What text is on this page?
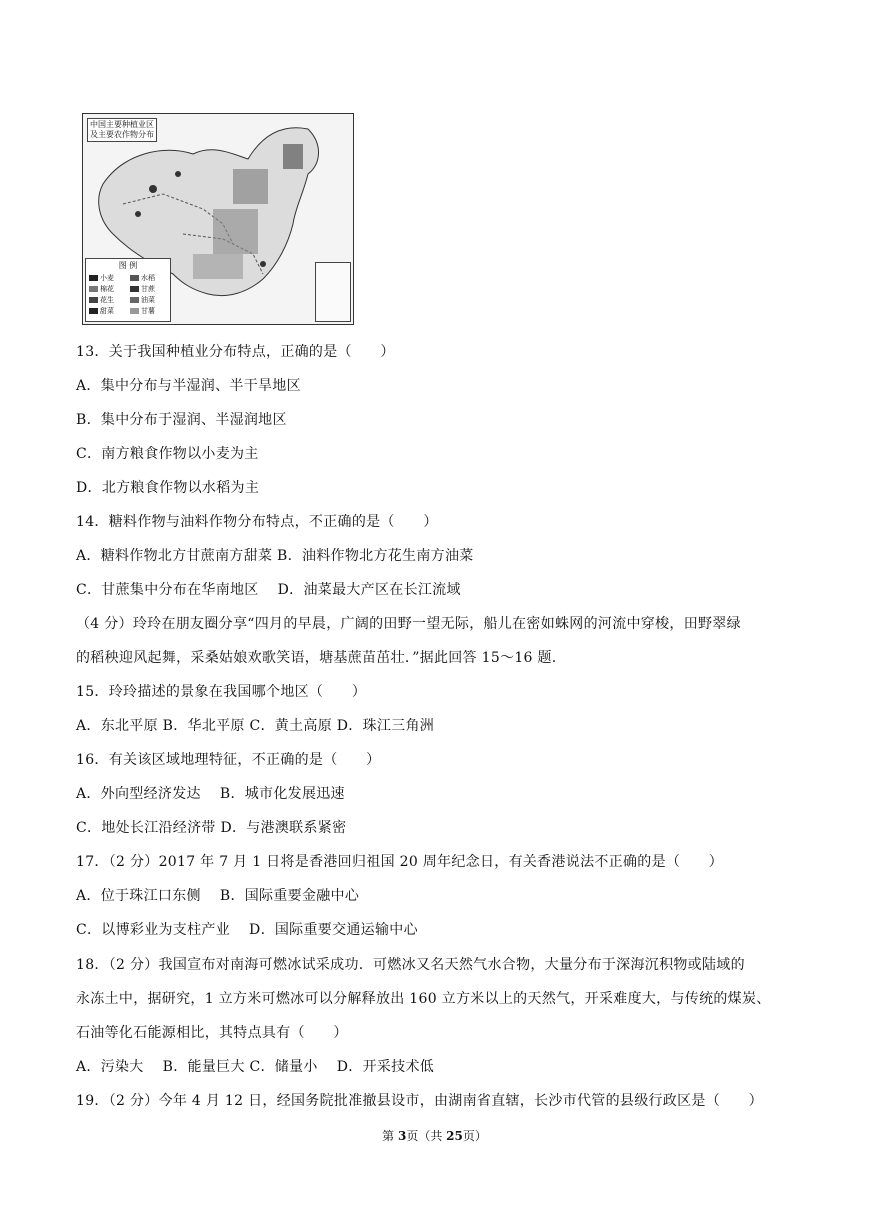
中国主要种植业区
及主要农作物分布
图 例
小麦	水稻
棉花	甘蔗
花生	油菜
甜菜	甘薯
13．关于我国种植业分布特点，正确的是（　　）
A．集中分布与半湿润、半干旱地区
B．集中分布于湿润、半湿润地区
C．南方粮食作物以小麦为主
D．北方粮食作物以水稻为主
14．糖料作物与油料作物分布特点，不正确的是（　　）
A．糖料作物北方甘蔗南方甜菜 B．油料作物北方花生南方油菜
C．甘蔗集中分布在华南地区　 D．油菜最大产区在长江流域
（4 分）玲玲在朋友圈分享“四月的早晨，广阔的田野一望无际，船儿在密如蛛网的河流中穿梭，田野翠绿
的稻秧迎风起舞，采桑姑娘欢歌笑语，塘基蔗苗茁壮．”据此回答 15～16 题.
15．玲玲描述的景象在我国哪个地区（　　）
A．东北平原 B．华北平原 C．黄土高原 D．珠江三角洲
16．有关该区域地理特征，不正确的是（　　）
A．外向型经济发达　 B．城市化发展迅速
C．地处长江沿经济带 D．与港澳联系紧密
17．（2 分）2017 年 7 月 1 日将是香港回归祖国 20 周年纪念日，有关香港说法不正确的是（　　）
A．位于珠江口东侧　 B．国际重要金融中心
C．以博彩业为支柱产业　 D．国际重要交通运输中心
18．（2 分）我国宣布对南海可燃冰试采成功．可燃冰又名天然气水合物，大量分布于深海沉积物或陆域的
永冻土中，据研究，1 立方米可燃冰可以分解释放出 160 立方米以上的天然气，开采难度大，与传统的煤炭、
石油等化石能源相比，其特点具有（　　）
A．污染大　 B．能量巨大 C．储量小　 D．开采技术低
19．（2 分）今年 4 月 12 日，经国务院批准撤县设市，由湖南省直辖，长沙市代管的县级行政区是（　　）
第 3页（共 25页）
